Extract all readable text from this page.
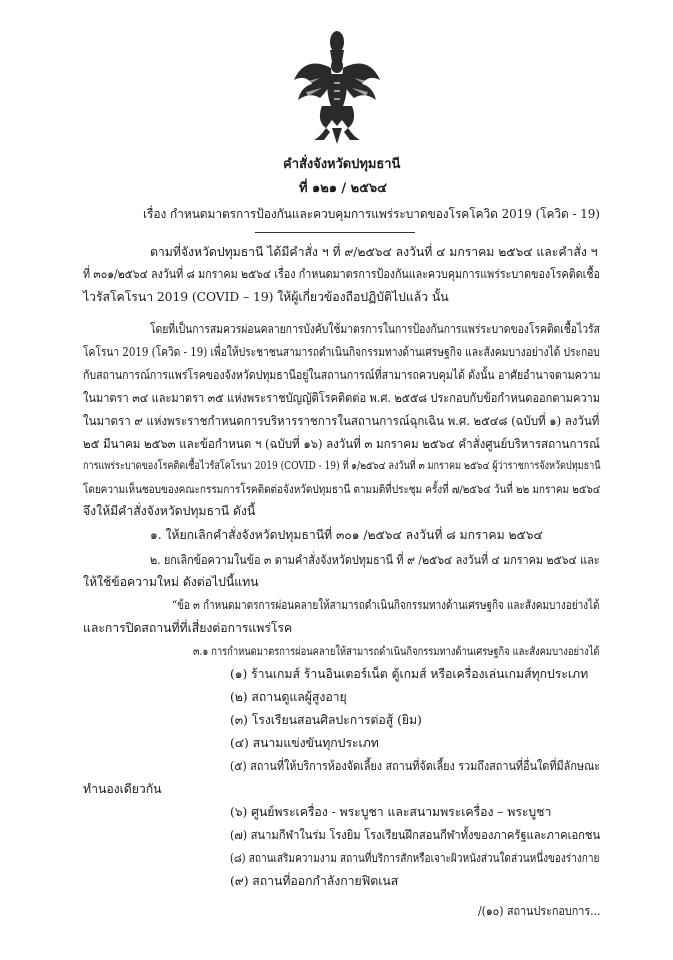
คำสั่งจังหวัดปทุมธานี
ที่ ๑๒๑ / ๒๕๖๔
เรื่อง กำหนดมาตรการป้องกันและควบคุมการแพร่ระบาดของโรคโควิด 2019 (โควิด - 19)
ตามที่จังหวัดปทุมธานี ได้มีคำสั่ง ฯ ที่ ๙/๒๕๖๔ ลงวันที่ ๔ มกราคม ๒๕๖๔ และคำสั่ง ฯ
ที่ ๓๐๑/๒๕๖๔ ลงวันที่ ๘ มกราคม ๒๕๖๔ เรื่อง กำหนดมาตรการป้องกันและควบคุมการแพร่ระบาดของโรคติดเชื้อ
ไวรัสโคโรนา 2019 (COVID – 19) ให้ผู้เกี่ยวข้องถือปฏิบัติไปแล้ว นั้น
โดยที่เป็นการสมควรผ่อนคลายการบังคับใช้มาตรการในการป้องกันการแพร่ระบาดของโรคติดเชื้อไวรัส
โคโรนา 2019 (โควิด - 19) เพื่อให้ประชาชนสามารถดำเนินกิจกรรมทางด้านเศรษฐกิจ และสังคมบางอย่างได้ ประกอบ
กับสถานการณ์การแพร่โรคของจังหวัดปทุมธานีอยู่ในสถานการณ์ที่สามารถควบคุมได้ ดังนั้น อาศัยอำนาจตามความ
ในมาตรา ๓๔ และมาตรา ๓๕ แห่งพระราชบัญญัติโรคติดต่อ พ.ศ. ๒๕๕๘ ประกอบกับข้อกำหนดออกตามความ
ในมาตรา ๙ แห่งพระราชกำหนดการบริหารราชการในสถานการณ์ฉุกเฉิน พ.ศ. ๒๕๔๘ (ฉบับที่ ๑) ลงวันที่
๒๕ มีนาคม ๒๕๖๓ และข้อกำหนด ฯ (ฉบับที่ ๑๖) ลงวันที่ ๓ มกราคม ๒๕๖๔ คำสั่งศูนย์บริหารสถานการณ์
การแพร่ระบาดของโรคติดเชื้อไวรัสโคโรนา 2019 (COVID - 19) ที่ ๑/๒๕๖๔ ลงวันที่ ๓ มกราคม ๒๕๖๔ ผู้ว่าราชการจังหวัดปทุมธานี
โดยความเห็นชอบของคณะกรรมการโรคติดต่อจังหวัดปทุมธานี ตามมติที่ประชุม ครั้งที่ ๗/๒๕๖๔ วันที่ ๒๒ มกราคม ๒๕๖๔
จึงให้มีคำสั่งจังหวัดปทุมธานี ดังนี้
๑. ให้ยกเลิกคำสั่งจังหวัดปทุมธานีที่ ๓๐๑ /๒๕๖๔ ลงวันที่ ๘ มกราคม ๒๕๖๔
๒. ยกเลิกข้อความในข้อ ๓ ตามคำสั่งจังหวัดปทุมธานี ที่ ๙ /๒๕๖๔ ลงวันที่ ๔ มกราคม ๒๕๖๔ และ
ให้ใช้ข้อความใหม่ ดังต่อไปนี้แทน
“ข้อ ๓ กำหนดมาตรการผ่อนคลายให้สามารถดำเนินกิจกรรมทางด้านเศรษฐกิจ และสังคมบางอย่างได้
และการปิดสถานที่ที่เสี่ยงต่อการแพร่โรค
๓.๑ การกำหนดมาตรการผ่อนคลายให้สามารถดำเนินกิจกรรมทางด้านเศรษฐกิจ และสังคมบางอย่างได้
(๑) ร้านเกมส์ ร้านอินเตอร์เน็ต ตู้เกมส์ หรือเครื่องเล่นเกมส์ทุกประเภท
(๒) สถานดูแลผู้สูงอายุ
(๓) โรงเรียนสอนศิลปะการต่อสู้ (ยิม)
(๔) สนามแข่งขันทุกประเภท
(๕) สถานที่ให้บริการห้องจัดเลี้ยง สถานที่จัดเลี้ยง รวมถึงสถานที่อื่นใดที่มีลักษณะ
ทำนองเดียวกัน
(๖) ศูนย์พระเครื่อง - พระบูชา และสนามพระเครื่อง – พระบูชา
(๗) สนามกีฬาในร่ม โรงยิม โรงเรียนฝึกสอนกีฬาทั้งของภาครัฐและภาคเอกชน
(๘) สถานเสริมความงาม สถานที่บริการสักหรือเจาะผิวหนังส่วนใดส่วนหนึ่งของร่างกาย
(๙) สถานที่ออกกำลังกายฟิตเนส
/(๑๐) สถานประกอบการ...
